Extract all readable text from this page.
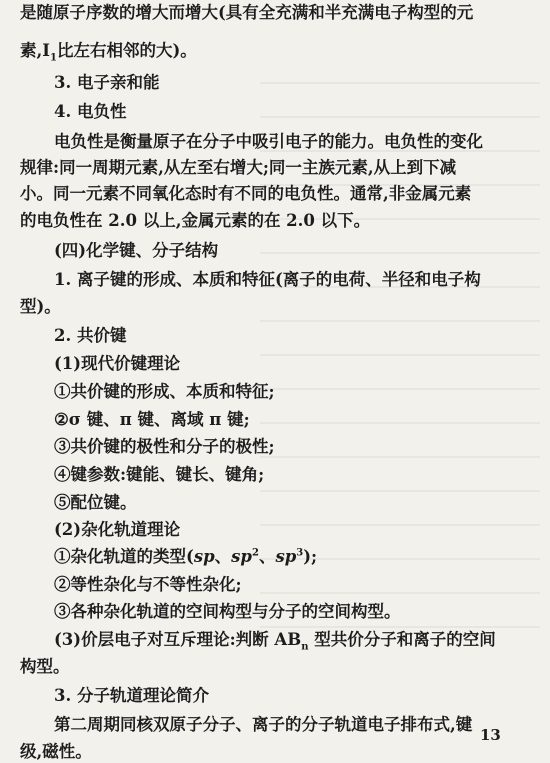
是随原子序数的增大而增大(具有全充满和半充满电子构型的元
素$,I_1$比左右相邻的大)。
3. 电子亲和能
4. 电负性
电负性是衡量原子在分子中吸引电子的能力。电负性的变化
规律:同一周期元素,从左至右增大;同一主族元素,从上到下减
小。同一元素不同氧化态时有不同的电负性。通常,非金属元素
的电负性在 2.0 以上,金属元素的在 2.0 以下。
(四)化学键、分子结构
1. 离子键的形成、本质和特征(离子的电荷、半径和电子构
型)。
2. 共价键
(1)现代价键理论
①共价键的形成、本质和特征;
②σ 键、π 键、离域 π 键;
③共价键的极性和分子的极性;
④键参数:键能、键长、键角;
⑤配位键。
(2)杂化轨道理论
①杂化轨道的类型(sp、$sp^2$、$sp^3$);
②等性杂化与不等性杂化;
③各种杂化轨道的空间构型与分子的空间构型。
(3)价层电子对互斥理论:判断 $AB_n$ 型共价分子和离子的空间
构型。
3. 分子轨道理论简介
第二周期同核双原子分子、离子的分子轨道电子排布式,键
级,磁性。
13
